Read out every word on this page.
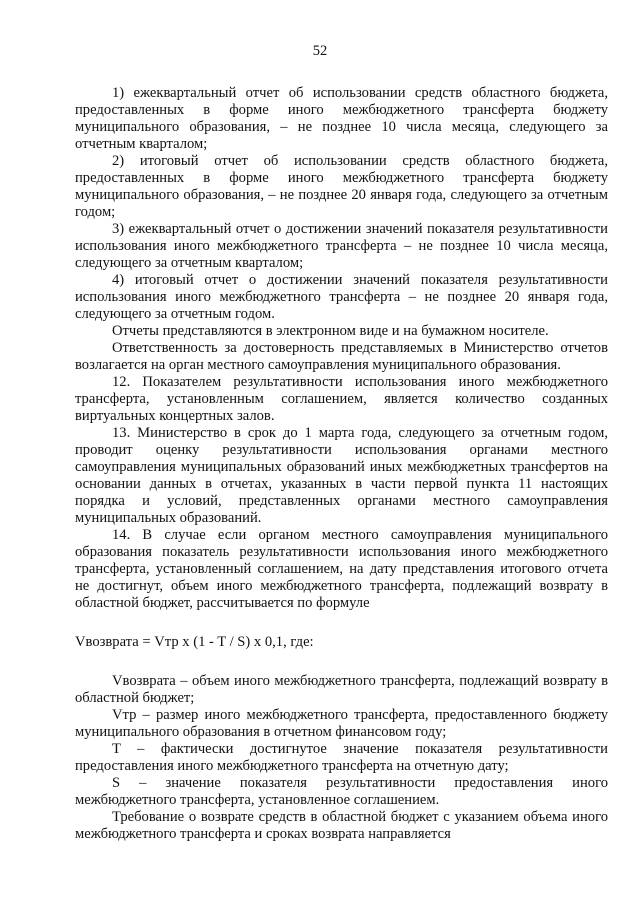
52

1) ежеквартальный отчет об использовании средств областного бюджета, предоставленных в форме иного межбюджетного трансферта бюджету муниципального образования, – не позднее 10 числа месяца, следующего за отчетным кварталом;

2) итоговый отчет об использовании средств областного бюджета, предоставленных в форме иного межбюджетного трансферта бюджету муниципального образования, – не позднее 20 января года, следующего за отчетным годом;

3) ежеквартальный отчет о достижении значений показателя результативности использования иного межбюджетного трансферта – не позднее 10 числа месяца, следующего за отчетным кварталом;

4) итоговый отчет о достижении значений показателя результативности использования иного межбюджетного трансферта – не позднее 20 января года, следующего за отчетным годом.

Отчеты представляются в электронном виде и на бумажном носителе.

Ответственность за достоверность представляемых в Министерство отчетов возлагается на орган местного самоуправления муниципального образования.

12. Показателем результативности использования иного межбюджетного трансферта, установленным соглашением, является количество созданных виртуальных концертных залов.

13. Министерство в срок до 1 марта года, следующего за отчетным годом, проводит оценку результативности использования органами местного самоуправления муниципальных образований иных межбюджетных трансфертов на основании данных в отчетах, указанных в части первой пункта 11 настоящих порядка и условий, представленных органами местного самоуправления муниципальных образований.

14. В случае если органом местного самоуправления муниципального образования показатель результативности использования иного межбюджетного трансферта, установленный соглашением, на дату представления итогового отчета не достигнут, объем иного межбюджетного трансферта, подлежащий возврату в областной бюджет, рассчитывается по формуле

Vвозврата = Vтр x (1 - T / S) x 0,1, где:

Vвозврата – объем иного межбюджетного трансферта, подлежащий возврату в областной бюджет;

Vтр – размер иного межбюджетного трансферта, предоставленного бюджету муниципального образования в отчетном финансовом году;

T – фактически достигнутое значение показателя результативности предоставления иного межбюджетного трансферта на отчетную дату;

S – значение показателя результативности предоставления иного межбюджетного трансферта, установленное соглашением.

Требование о возврате средств в областной бюджет с указанием объема иного межбюджетного трансферта и сроках возврата направляется
